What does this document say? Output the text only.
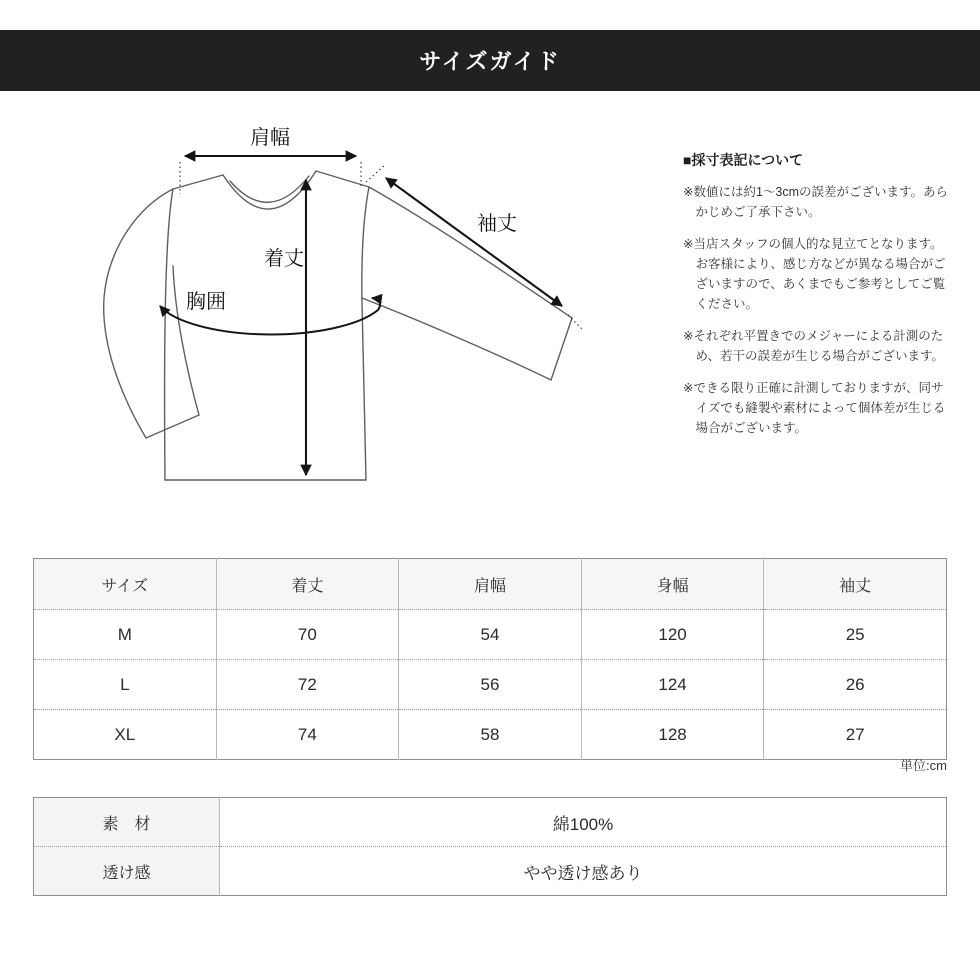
サイズガイド
肩幅
袖丈
着丈
胸囲
■採寸表記について

※数値には約1〜3cmの誤差がございます。あらかじめご了承下さい。

※当店スタッフの個人的な見立てとなります。お客様により、感じ方などが異なる場合がございますので、あくまでもご参考としてご覧ください。

※それぞれ平置きでのメジャーによる計測のため、若干の誤差が生じる場合がございます。

※できる限り正確に計測しておりますが、同サイズでも縫製や素材によって個体差が生じる場合がございます。

サイズ	着丈	肩幅	身幅	袖丈
M	70	54	120	25
L	72	56	124	26
XL	74	58	128	27
単位:cm
素　材	綿100%
透け感	やや透け感あり
